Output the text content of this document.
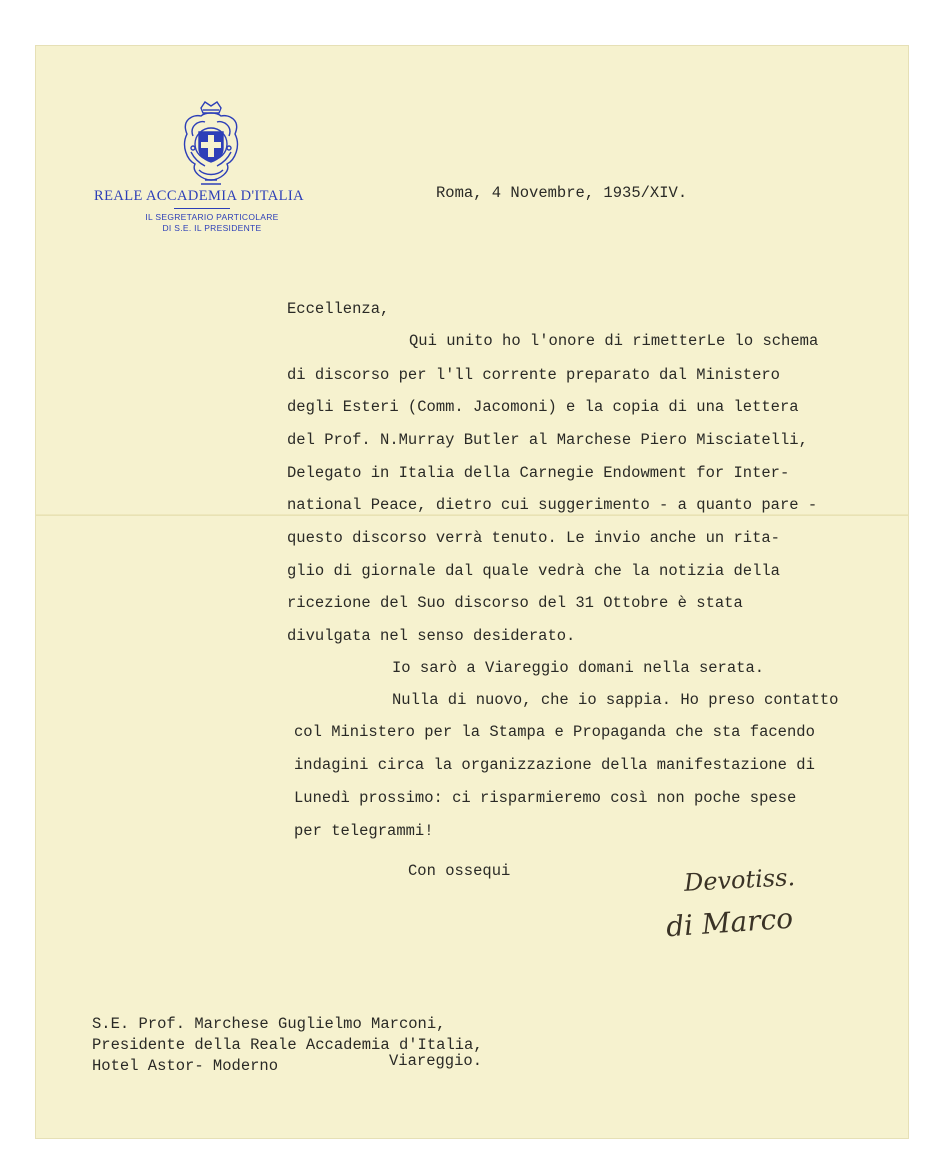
REALE ACCADEMIA D'ITALIA
IL SEGRETARIO PARTICOLARE
DI S.E. IL PRESIDENTE
Roma, 4 Novembre, 1935/XIV.
Eccellenza,
Qui unito ho l'onore di rimetterLe lo schema
di discorso per l'll corrente preparato dal Ministero
degli Esteri (Comm. Jacomoni) e la copia di una lettera
del Prof. N.Murray Butler al Marchese Piero Misciatelli,
Delegato in Italia della Carnegie Endowment for Inter-
national Peace, dietro cui suggerimento - a quanto pare -
questo discorso verrà tenuto. Le invio anche un rita-
glio di giornale dal quale vedrà che la notizia della
ricezione del Suo discorso del 31 Ottobre è stata
divulgata nel senso desiderato.
Io sarò a Viareggio domani nella serata.
Nulla di nuovo, che io sappia. Ho preso contatto
col Ministero per la Stampa e Propaganda che sta facendo
indagini circa la organizzazione della manifestazione di
Lunedì prossimo: ci risparmieremo così non poche spese
per telegrammi!
Con ossequi	Devotiss.
di Marco
S.E. Prof. Marchese Guglielmo Marconi,
Presidente della Reale Accademia d'Italia,
Hotel Astor- Moderno	Viareggio.
